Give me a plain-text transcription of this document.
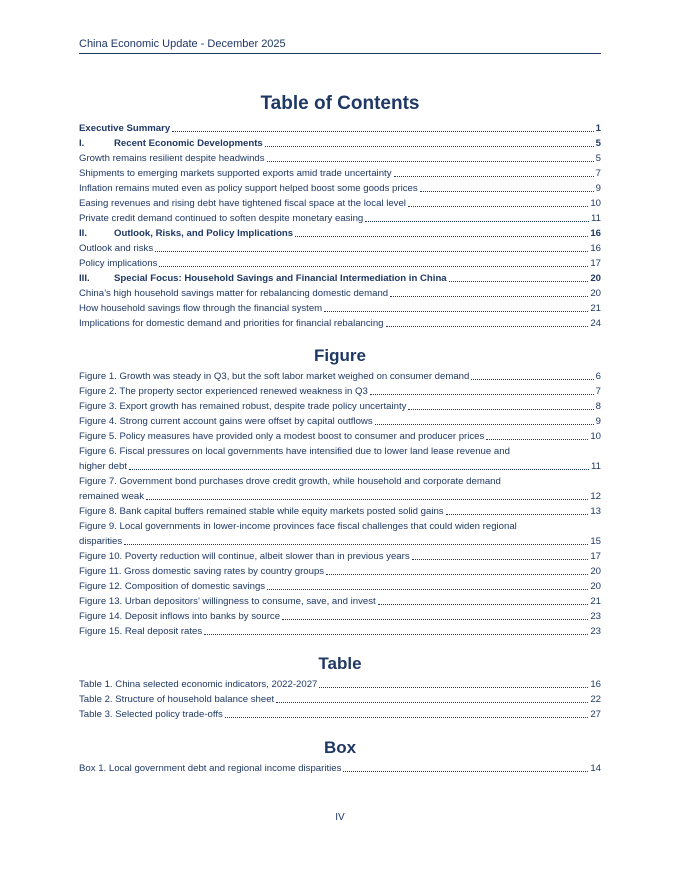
China Economic Update - December 2025
Table of Contents
Executive Summary	1
I.	Recent Economic Developments	5
Growth remains resilient despite headwinds	5
Shipments to emerging markets supported exports amid trade uncertainty	7
Inflation remains muted even as policy support helped boost some goods prices	9
Easing revenues and rising debt have tightened fiscal space at the local level	10
Private credit demand continued to soften despite monetary easing	11
II.	Outlook, Risks, and Policy Implications	16
Outlook and risks	16
Policy implications	17
III.	Special Focus: Household Savings and Financial Intermediation in China	20
China’s high household savings matter for rebalancing domestic demand	20
How household savings flow through the financial system	21
Implications for domestic demand and priorities for financial rebalancing	24
Figure
Figure 1. Growth was steady in Q3, but the soft labor market weighed on consumer demand	6
Figure 2. The property sector experienced renewed weakness in Q3	7
Figure 3. Export growth has remained robust, despite trade policy uncertainty	8
Figure 4. Strong current account gains were offset by capital outflows	9
Figure 5. Policy measures have provided only a modest boost to consumer and producer prices	10
Figure 6. Fiscal pressures on local governments have intensified due to lower land lease revenue and
higher debt	11
Figure 7. Government bond purchases drove credit growth, while household and corporate demand
remained weak	12
Figure 8. Bank capital buffers remained stable while equity markets posted solid gains	13
Figure 9. Local governments in lower-income provinces face fiscal challenges that could widen regional
disparities	15
Figure 10. Poverty reduction will continue, albeit slower than in previous years	17
Figure 11. Gross domestic saving rates by country groups	20
Figure 12. Composition of domestic savings	20
Figure 13. Urban depositors’ willingness to consume, save, and invest	21
Figure 14. Deposit inflows into banks by source	23
Figure 15. Real deposit rates	23
Table
Table 1. China selected economic indicators, 2022-2027	16
Table 2. Structure of household balance sheet	22
Table 3. Selected policy trade-offs	27
Box
Box 1. Local government debt and regional income disparities	14
IV
